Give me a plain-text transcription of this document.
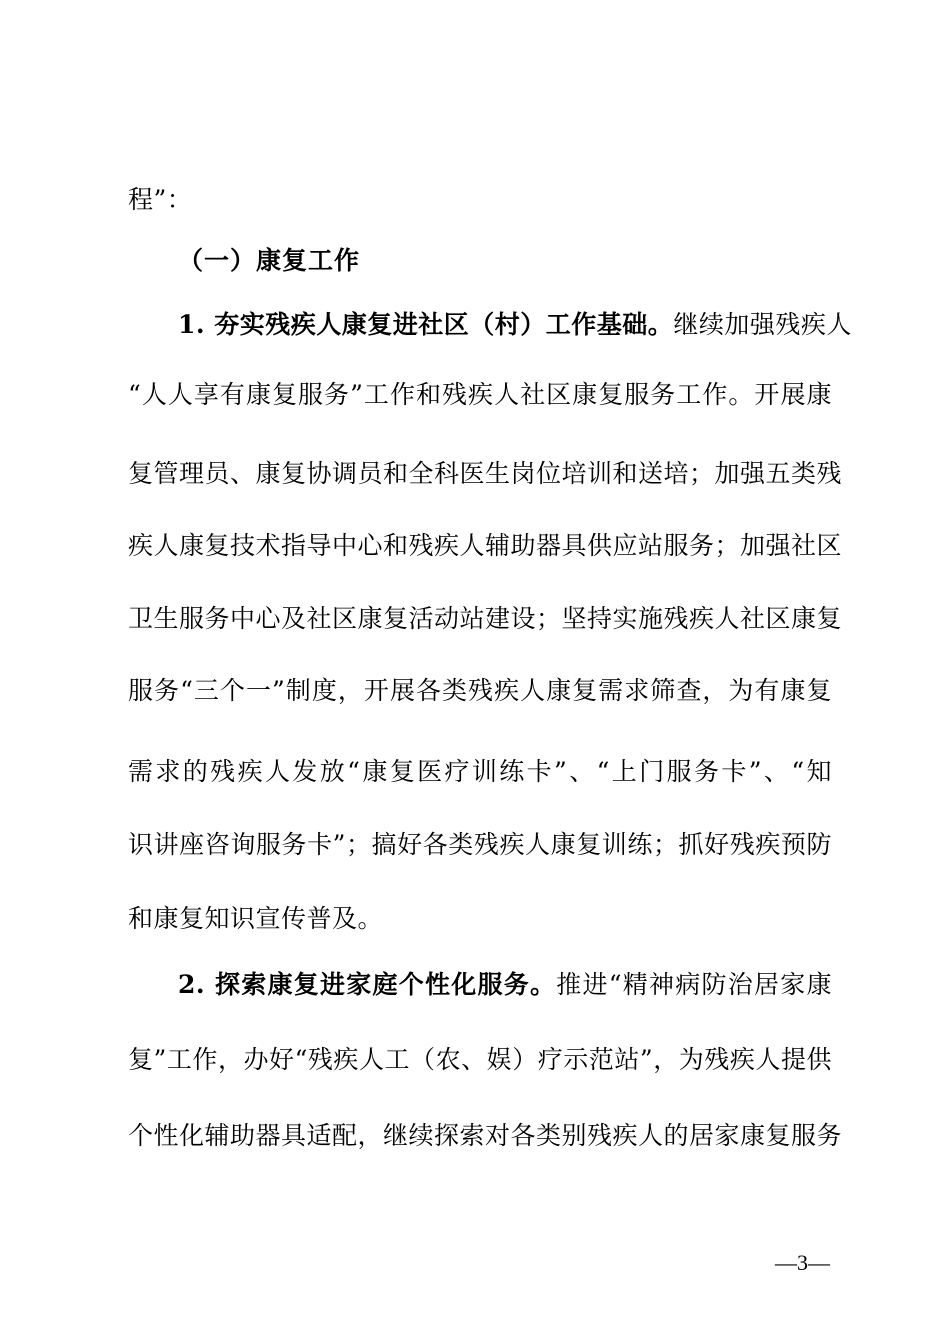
程”：
（一）康复工作
1. 夯实残疾人康复进社区（村）工作基础。继续加强残疾人
“人人享有康复服务”工作和残疾人社区康复服务工作。开展康
复管理员、康复协调员和全科医生岗位培训和送培；加强五类残
疾人康复技术指导中心和残疾人辅助器具供应站服务；加强社区
卫生服务中心及社区康复活动站建设；坚持实施残疾人社区康复
服务“三个一”制度，开展各类残疾人康复需求筛查，为有康复
需求的残疾人发放“康复医疗训练卡”、“上门服务卡”、“知
识讲座咨询服务卡”；搞好各类残疾人康复训练；抓好残疾预防
和康复知识宣传普及。
2. 探索康复进家庭个性化服务。推进“精神病防治居家康
复”工作，办好“残疾人工（农、娱）疗示范站”，为残疾人提供
个性化辅助器具适配，继续探索对各类别残疾人的居家康复服务
—3—
